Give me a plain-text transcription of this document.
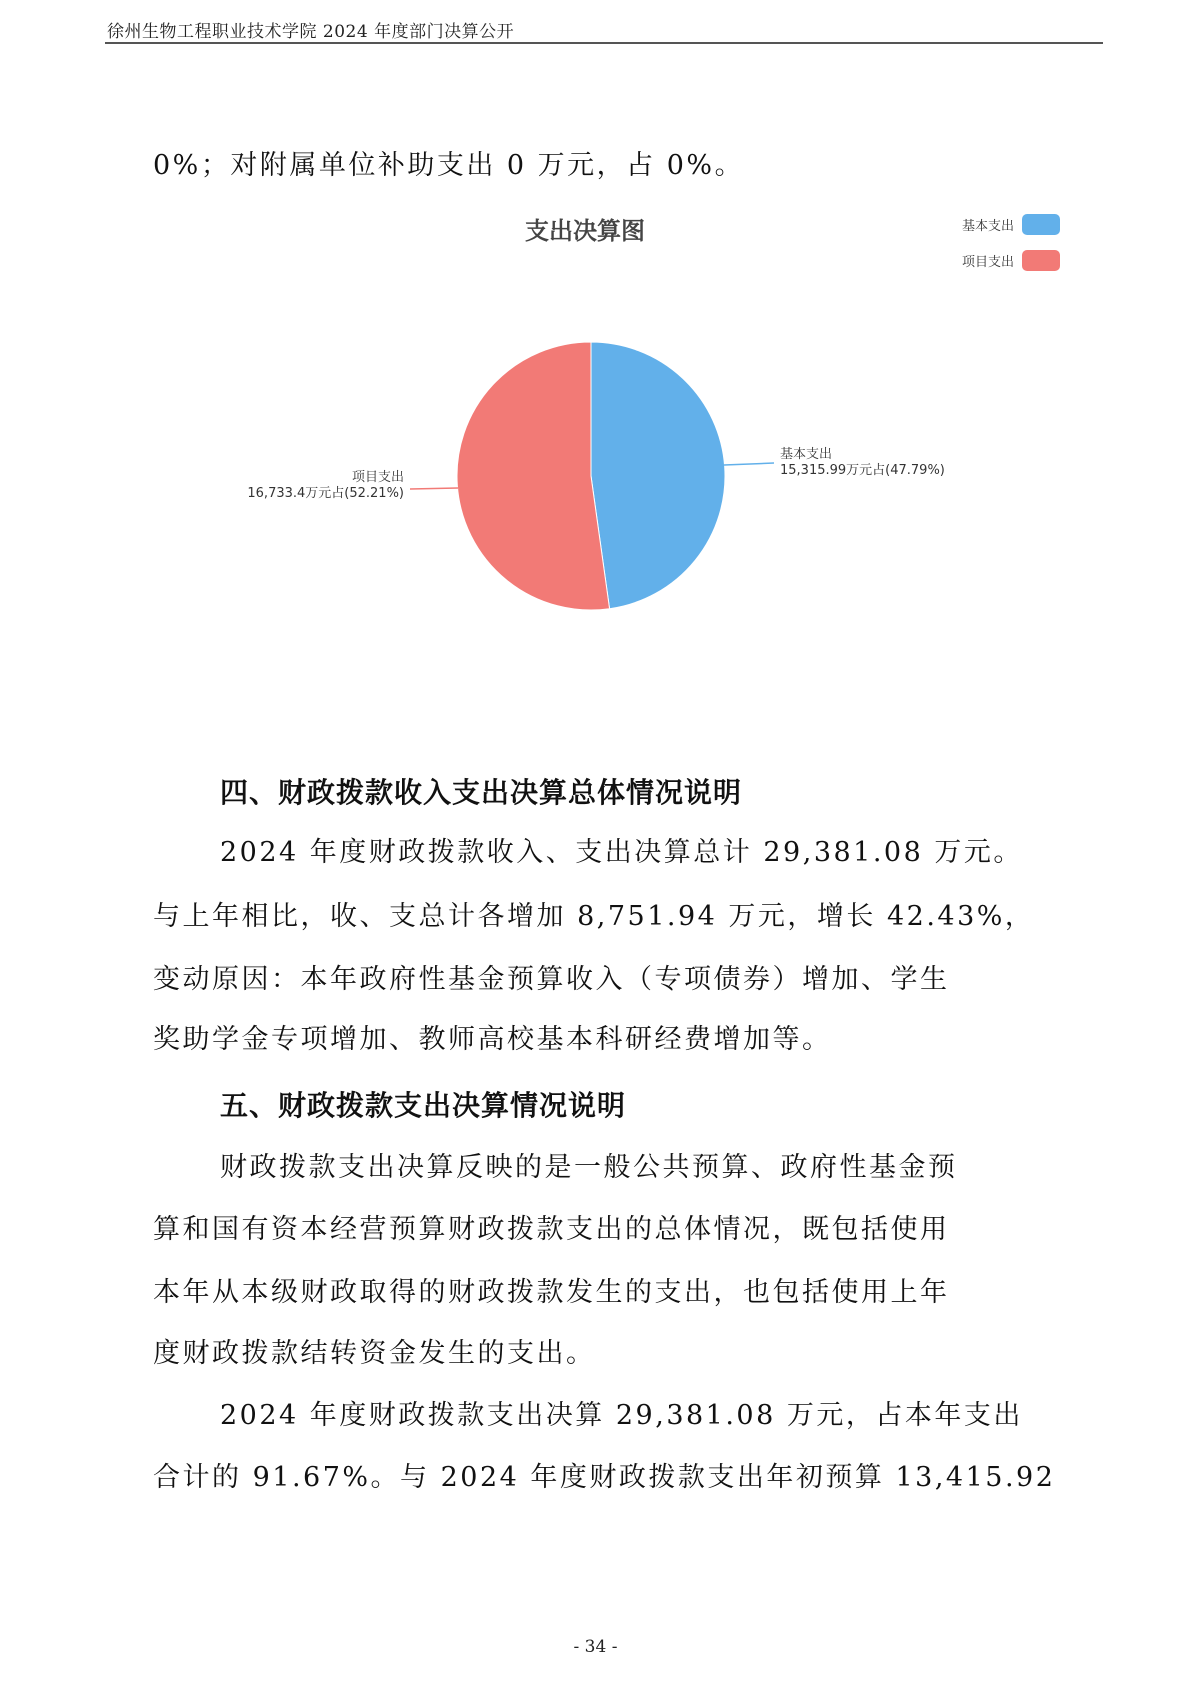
徐州生物工程职业技术学院 2024 年度部门决算公开
0%；对附属单位补助支出 0 万元，占 0%。
支出决算图	基本支出
项目支出
基本支出
15,315.99万元占(47.79%)
项目支出
16,733.4万元占(52.21%)
四、财政拨款收入支出决算总体情况说明
2024 年度财政拨款收入、支出决算总计 29,381.08 万元。
与上年相比，收、支总计各增加 8,751.94 万元，增长 42.43%，
变动原因：本年政府性基金预算收入（专项债券）增加、学生
奖助学金专项增加、教师高校基本科研经费增加等。
五、财政拨款支出决算情况说明
财政拨款支出决算反映的是一般公共预算、政府性基金预
算和国有资本经营预算财政拨款支出的总体情况，既包括使用
本年从本级财政取得的财政拨款发生的支出，也包括使用上年
度财政拨款结转资金发生的支出。
2024 年度财政拨款支出决算 29,381.08 万元，占本年支出
合计的 91.67%。与 2024 年度财政拨款支出年初预算 13,415.92
- 34 -
